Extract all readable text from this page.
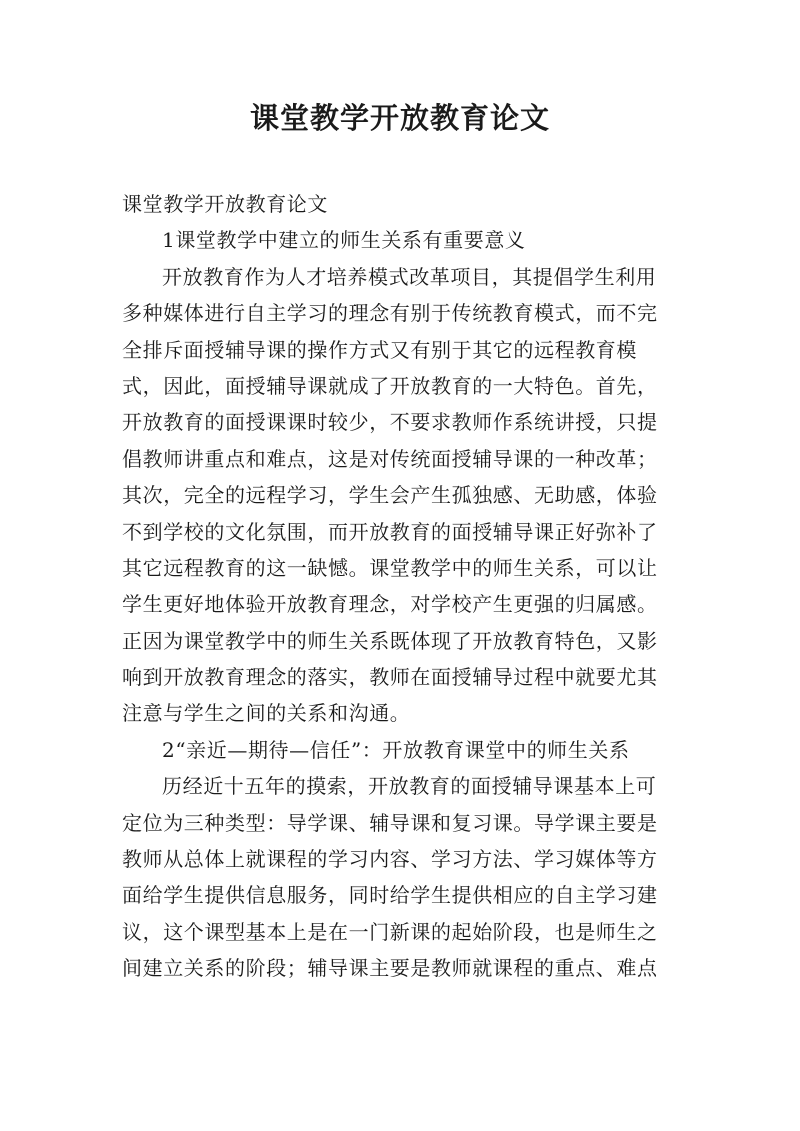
课堂教学开放教育论文
课堂教学开放教育论文
1课堂教学中建立的师生关系有重要意义
开放教育作为人才培养模式改革项目，其提倡学生利用
多种媒体进行自主学习的理念有别于传统教育模式，而不完
全排斥面授辅导课的操作方式又有别于其它的远程教育模
式，因此，面授辅导课就成了开放教育的一大特色。首先，
开放教育的面授课课时较少，不要求教师作系统讲授，只提
倡教师讲重点和难点，这是对传统面授辅导课的一种改革；
其次，完全的远程学习，学生会产生孤独感、无助感，体验
不到学校的文化氛围，而开放教育的面授辅导课正好弥补了
其它远程教育的这一缺憾。课堂教学中的师生关系，可以让
学生更好地体验开放教育理念，对学校产生更强的归属感。
正因为课堂教学中的师生关系既体现了开放教育特色，又影
响到开放教育理念的落实，教师在面授辅导过程中就要尤其
注意与学生之间的关系和沟通。
2“亲近—期待—信任”：开放教育课堂中的师生关系
历经近十五年的摸索，开放教育的面授辅导课基本上可
定位为三种类型：导学课、辅导课和复习课。导学课主要是
教师从总体上就课程的学习内容、学习方法、学习媒体等方
面给学生提供信息服务，同时给学生提供相应的自主学习建
议，这个课型基本上是在一门新课的起始阶段，也是师生之
间建立关系的阶段；辅导课主要是教师就课程的重点、难点
